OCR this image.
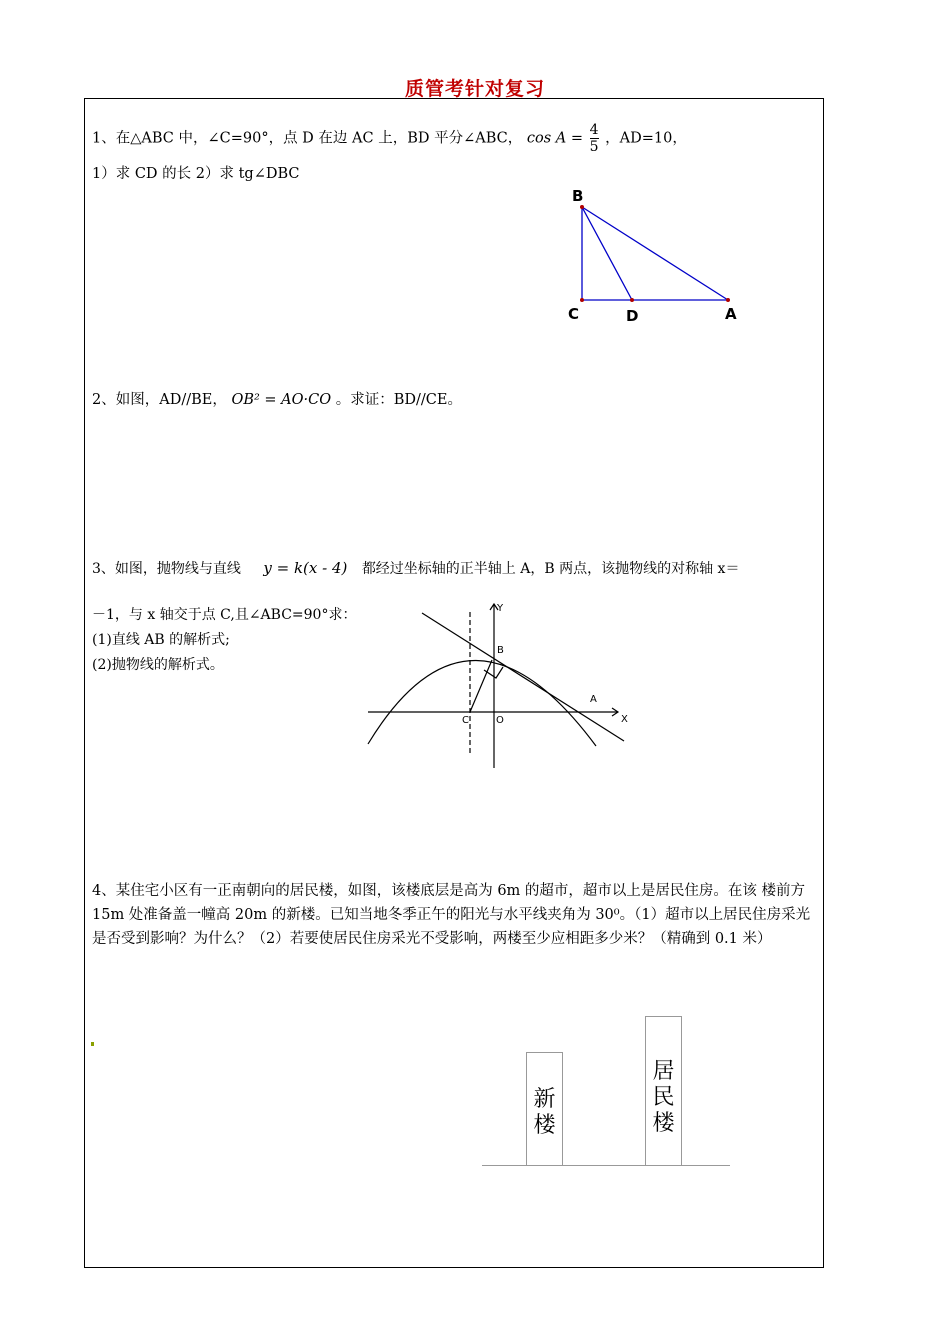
质管考针对复习
1、在△ABC 中，∠C=90°，点 D 在边 AC 上，BD 平分∠ABC， $\cos A = \frac{4}{5}$ ，AD=10，
1）求 CD 的长 2）求 tg∠DBC
B
C	D	A
2、如图，AD//BE， OB² = AO·CO 。求证：BD//CE。
3、如图，抛物线与直线 y = k(x - 4) 都经过坐标轴的正半轴上 A，B 两点，该抛物线的对称轴 x＝
－1，与 x 轴交于点 C,且∠ABC=90°求：
(1)直线 AB 的解析式;
(2)抛物线的解析式。
Y
B
A
X
C	O
4、某住宅小区有一正南朝向的居民楼，如图，该楼底层是高为 6m 的超市，超市以上是居民住房。在该 楼前方 15m 处准备盖一幢高 20m 的新楼。已知当地冬季正午的阳光与水平线夹角为 30⁰。（1）超市以上居民住房采光是否受到影响？为什么？（2）若要使居民住房采光不受影响，两楼至少应相距多少米？（精确到 0.1 米）
新
楼
居
民
楼
